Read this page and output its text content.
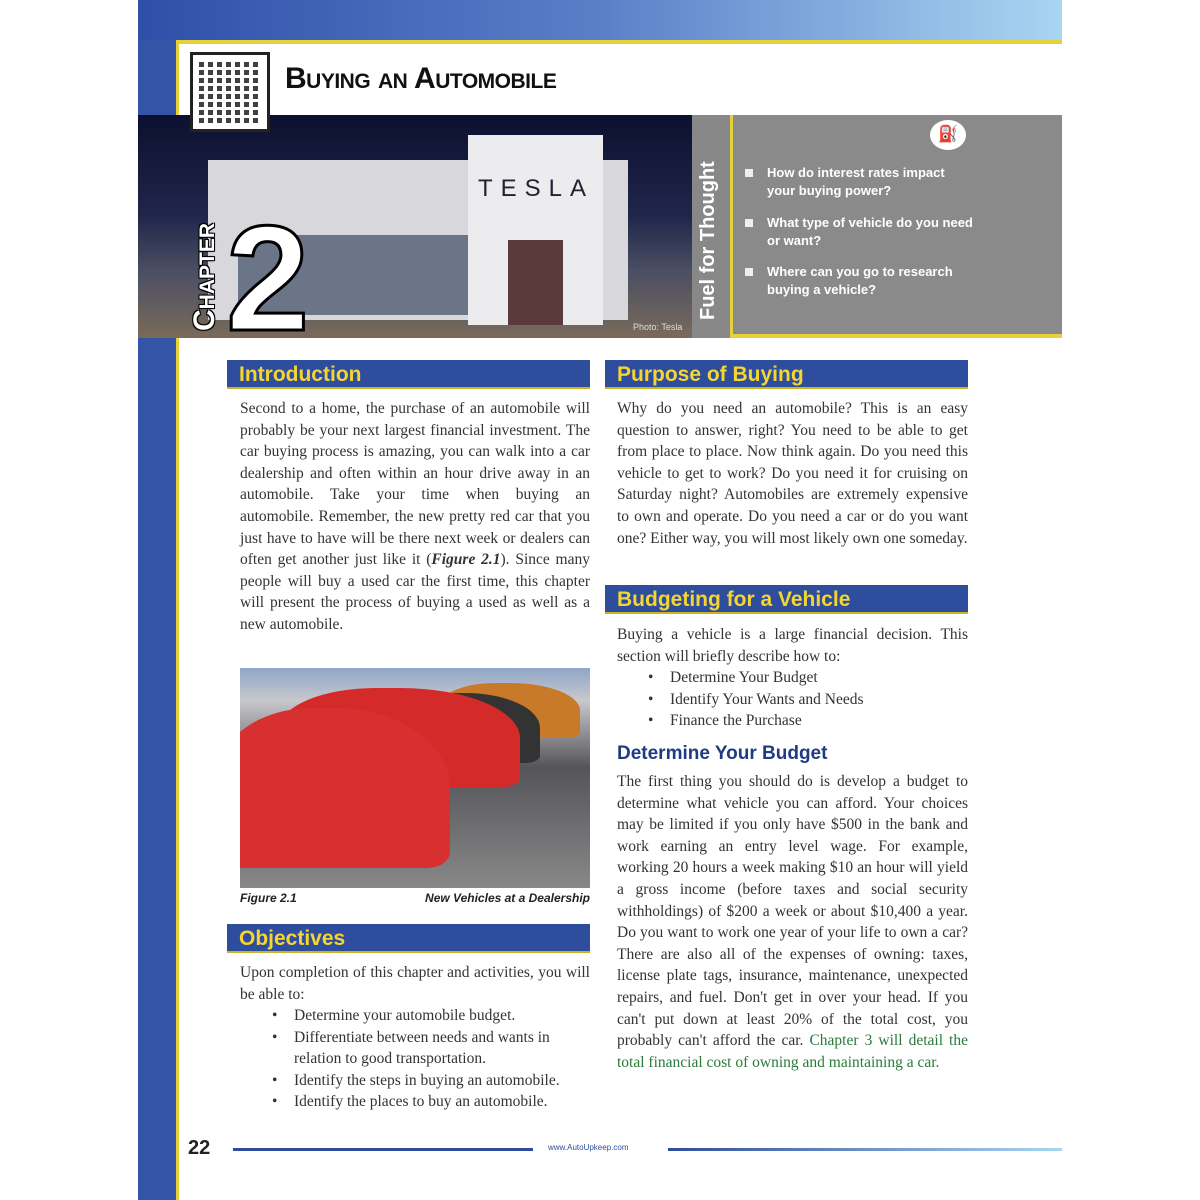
Buying an Automobile
TESLA
2
Chapter	Photo: Tesla
Fuel for Thought
⛽
How do interest rates impact your buying power?
What type of vehicle do you need or want?
Where can you go to research buying a vehicle?
Introduction
Second to a home, the purchase of an automobile will probably be your next largest financial investment. The car buying process is amazing, you can walk into a car dealership and often within an hour drive away in an automobile. Take your time when buying an automobile. Remember, the new pretty red car that you just have to have will be there next week or dealers can often get another just like it (Figure 2.1). Since many people will buy a used car the first time, this chapter will present the process of buying a used as well as a new automobile.
Figure 2.1	New Vehicles at a Dealership
Objectives
Upon completion of this chapter and activities, you will be able to:
• Determine your automobile budget.
• Differentiate between needs and wants in relation to good transportation.
• Identify the steps in buying an automobile.
• Identify the places to buy an automobile.
Purpose of Buying
Why do you need an automobile? This is an easy question to answer, right? You need to be able to get from place to place. Now think again. Do you need this vehicle to get to work? Do you need it for cruising on Saturday night? Automobiles are extremely expensive to own and operate. Do you need a car or do you want one? Either way, you will most likely own one someday.
Budgeting for a Vehicle
Buying a vehicle is a large financial decision. This section will briefly describe how to:
• Determine Your Budget
• Identify Your Wants and Needs
• Finance the Purchase
Determine Your Budget
The first thing you should do is develop a budget to determine what vehicle you can afford. Your choices may be limited if you only have $500 in the bank and work earning an entry level wage. For example, working 20 hours a week making $10 an hour will yield a gross income (before taxes and social security withholdings) of $200 a week or about $10,400 a year. Do you want to work one year of your life to own a car? There are also all of the expenses of owning: taxes, license plate tags, insurance, maintenance, unexpected repairs, and fuel. Don't get in over your head. If you can't put down at least 20% of the total cost, you probably can't afford the car. Chapter 3 will detail the total financial cost of owning and maintaining a car.
22	www.AutoUpkeep.com
